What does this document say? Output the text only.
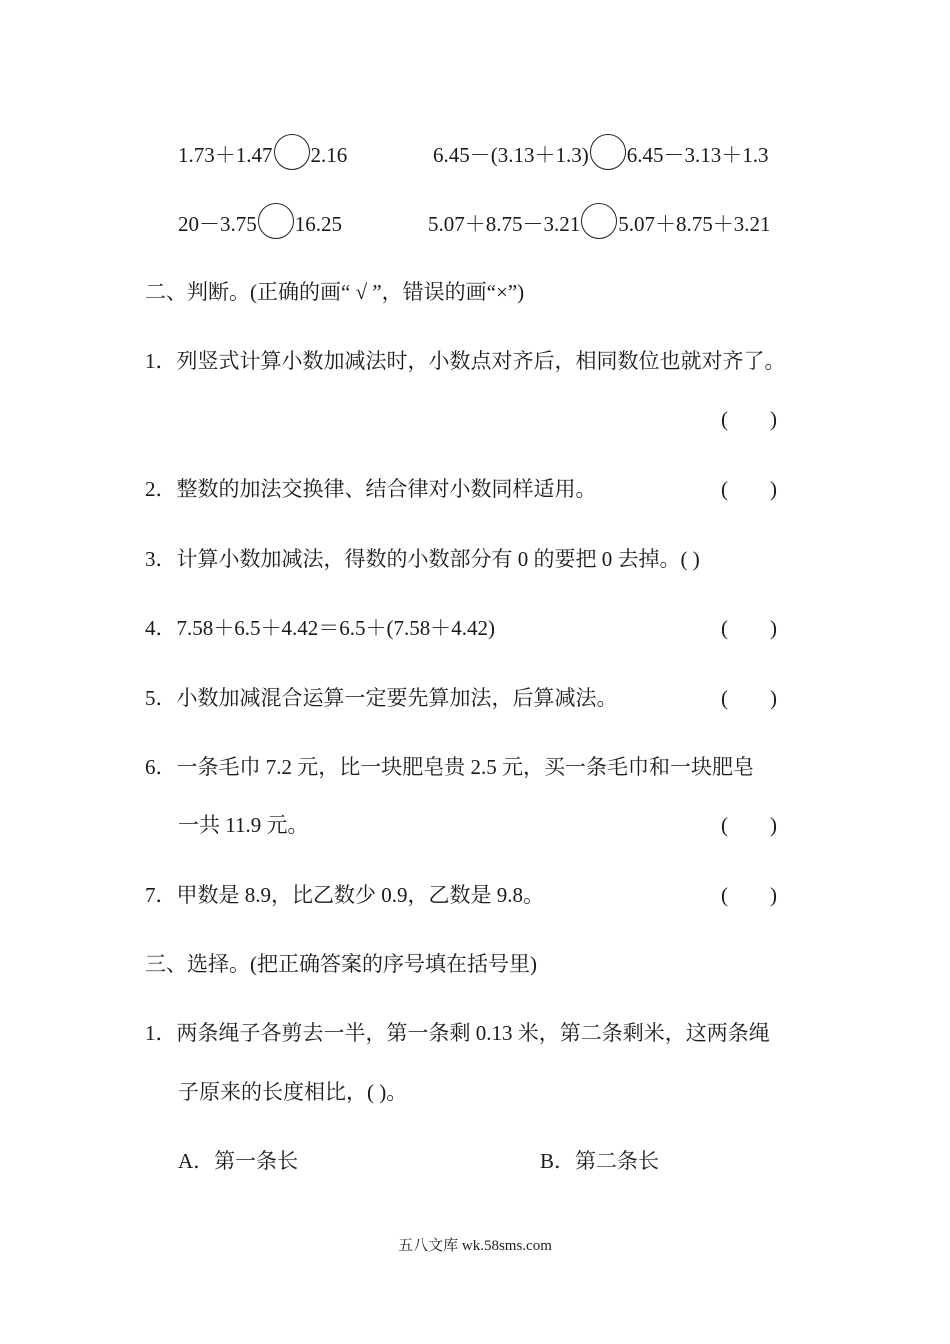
1.73＋1.47 2.16	6.45－(3.13＋1.3) 6.45－3.13＋1.3
20－3.75 16.25	5.07＋8.75－3.21 5.07＋8.75＋3.21
二、判断。(正确的画“ √ ”，错误的画“×”)
1．列竖式计算小数加减法时，小数点对齐后，相同数位也就对齐了。
(        )
2．整数的加法交换律、结合律对小数同样适用。	(        )
3．计算小数加减法，得数的小数部分有 0 的要把 0 去掉。( )
4．7.58＋6.5＋4.42＝6.5＋(7.58＋4.42)	(        )
5．小数加减混合运算一定要先算加法，后算减法。	(        )
6．一条毛巾 7.2 元，比一块肥皂贵 2.5 元，买一条毛巾和一块肥皂
一共 11.9 元。	(        )
7．甲数是 8.9，比乙数少 0.9，乙数是 9.8。	(        )
三、选择。(把正确答案的序号填在括号里)
1．两条绳子各剪去一半，第一条剩 0.13 米，第二条剩米，这两条绳
子原来的长度相比，( )。
A．第一条长	B．第二条长
五八文库 wk.58sms.com
